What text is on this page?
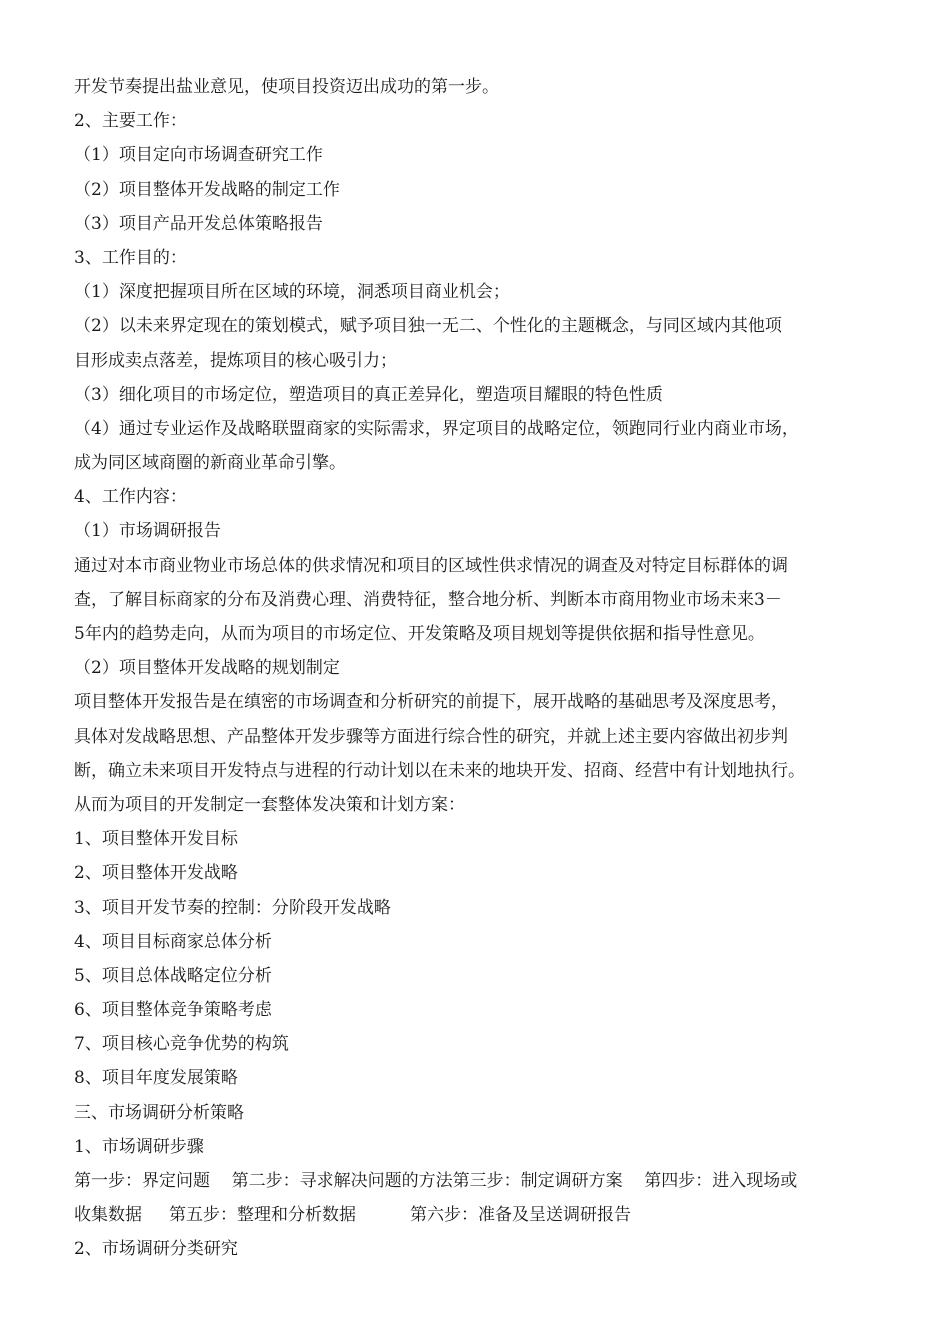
开发节奏提出盐业意见，使项目投资迈出成功的第一步。
2、主要工作：
（1）项目定向市场调查研究工作
（2）项目整体开发战略的制定工作
（3）项目产品开发总体策略报告
3、工作目的：
（1）深度把握项目所在区域的环境，洞悉项目商业机会；
（2）以未来界定现在的策划模式，赋予项目独一无二、个性化的主题概念，与同区域内其他项
目形成卖点落差，提炼项目的核心吸引力；
（3）细化项目的市场定位，塑造项目的真正差异化，塑造项目耀眼的特色性质
（4）通过专业运作及战略联盟商家的实际需求，界定项目的战略定位，领跑同行业内商业市场，
成为同区域商圈的新商业革命引擎。
4、工作内容：
（1）市场调研报告
通过对本市商业物业市场总体的供求情况和项目的区域性供求情况的调查及对特定目标群体的调
查，了解目标商家的分布及消费心理、消费特征，整合地分析、判断本市商用物业市场未来3－
5年内的趋势走向，从而为项目的市场定位、开发策略及项目规划等提供依据和指导性意见。
（2）项目整体开发战略的规划制定
项目整体开发报告是在缜密的市场调查和分析研究的前提下，展开战略的基础思考及深度思考，
具体对发战略思想、产品整体开发步骤等方面进行综合性的研究，并就上述主要内容做出初步判
断，确立未来项目开发特点与进程的行动计划以在未来的地块开发、招商、经营中有计划地执行。
从而为项目的开发制定一套整体发决策和计划方案：
1、项目整体开发目标
2、项目整体开发战略
3、项目开发节奏的控制：分阶段开发战略
4、项目目标商家总体分析
5、项目总体战略定位分析
6、项目整体竞争策略考虑
7、项目核心竞争优势的构筑
8、项目年度发展策略
三、市场调研分析策略
1、市场调研步骤
第一步：界定问题    第二步：寻求解决问题的方法第三步：制定调研方案    第四步：进入现场或
收集数据     第五步：整理和分析数据          第六步：准备及呈送调研报告
2、市场调研分类研究
